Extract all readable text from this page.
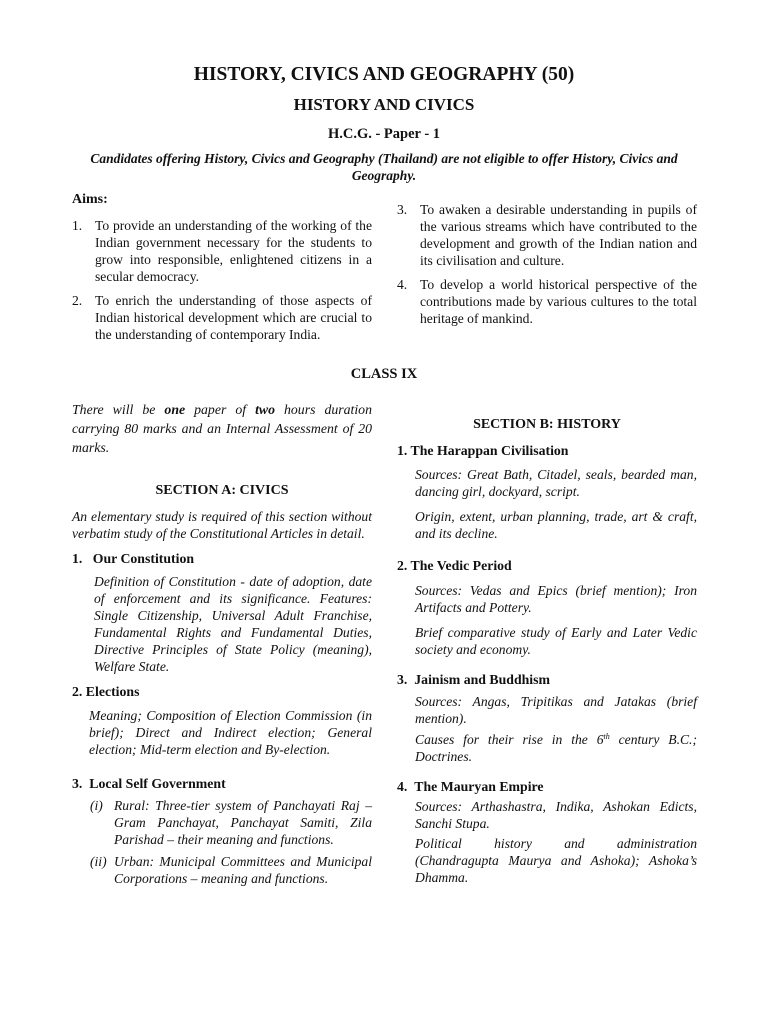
HISTORY, CIVICS AND GEOGRAPHY (50)
HISTORY AND CIVICS
H.C.G. - Paper - 1
Candidates offering History, Civics and Geography (Thailand) are not eligible to offer History, Civics and Geography.
Aims:
1. To provide an understanding of the working of the Indian government necessary for the students to grow into responsible, enlightened citizens in a secular democracy.
2. To enrich the understanding of those aspects of Indian historical development which are crucial to the understanding of contemporary India.
3. To awaken a desirable understanding in pupils of the various streams which have contributed to the development and growth of the Indian nation and its civilisation and culture.
4. To develop a world historical perspective of the contributions made by various cultures to the total heritage of mankind.
CLASS IX
There will be one paper of two hours duration carrying 80 marks and an Internal Assessment of 20 marks.
SECTION A: CIVICS

An elementary study is required of this section without verbatim study of the Constitutional Articles in detail.

1. Our Constitution

Definition of Constitution - date of adoption, date of enforcement and its significance. Features: Single Citizenship, Universal Adult Franchise, Fundamental Rights and Fundamental Duties, Directive Principles of State Policy (meaning), Welfare State.

2. Elections

Meaning; Composition of Election Commission (in brief); Direct and Indirect election; General election; Mid-term election and By-election.

3. Local Self Government

(i) Rural: Three-tier system of Panchayati Raj – Gram Panchayat, Panchayat Samiti, Zila Parishad – their meaning and functions.
(ii) Urban: Municipal Committees and Municipal Corporations – meaning and functions.
SECTION B: HISTORY

1. The Harappan Civilisation

Sources: Great Bath, Citadel, seals, bearded man, dancing girl, dockyard, script.

Origin, extent, urban planning, trade, art & craft, and its decline.

2. The Vedic Period

Sources: Vedas and Epics (brief mention); Iron Artifacts and Pottery.

Brief comparative study of Early and Later Vedic society and economy.

3. Jainism and Buddhism

Sources: Angas, Tripitikas and Jatakas (brief mention).

Causes for their rise in the 6th century B.C.; Doctrines.

4. The Mauryan Empire

Sources: Arthashastra, Indika, Ashokan Edicts, Sanchi Stupa.

Political history and administration (Chandragupta Maurya and Ashoka); Ashoka’s Dhamma.
